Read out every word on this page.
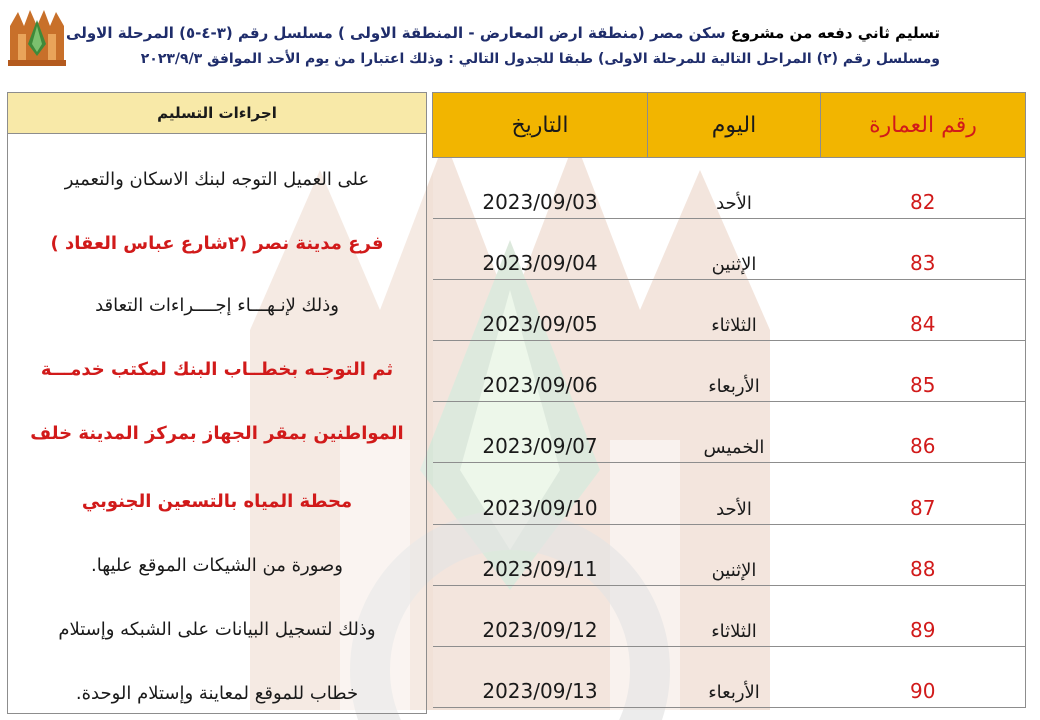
تسليم ثاني دفعه من مشروع سكن مصر (منطقة ارض المعارض - المنطقة الاولى ) مسلسل رقم (٣-٤-٥) المرحلة الاولى
ومسلسل رقم (٢) المراحل التالية للمرحلة الاولى) طبقا للجدول التالي : وذلك اعتبارا من يوم الأحد الموافق ٢٠٢٣/٩/٣
اجراءات التسليم
على العميل التوجه لبنك الاسكان والتعمير
فرع مدينة نصر (٢شارع عباس العقاد )
وذلك لإنـهـــاء إجــــراءات التعاقد
ثم التوجـه بخطــاب البنك لمكتب خدمـــة
المواطنين بمقر الجهاز بمركز المدينة خلف
محطة المياه بالتسعين الجنوبي
وصورة من الشيكات الموقع عليها.
وذلك لتسجيل البيانات على الشبكه وإستلام
خطاب للموقع لمعاينة وإستلام الوحدة.
التاريخ	اليوم	رقم العمارة
2023/09/03	الأحد	82
2023/09/04	الإثنين	83
2023/09/05	الثلاثاء	84
2023/09/06	الأربعاء	85
2023/09/07	الخميس	86
2023/09/10	الأحد	87
2023/09/11	الإثنين	88
2023/09/12	الثلاثاء	89
2023/09/13	الأربعاء	90
